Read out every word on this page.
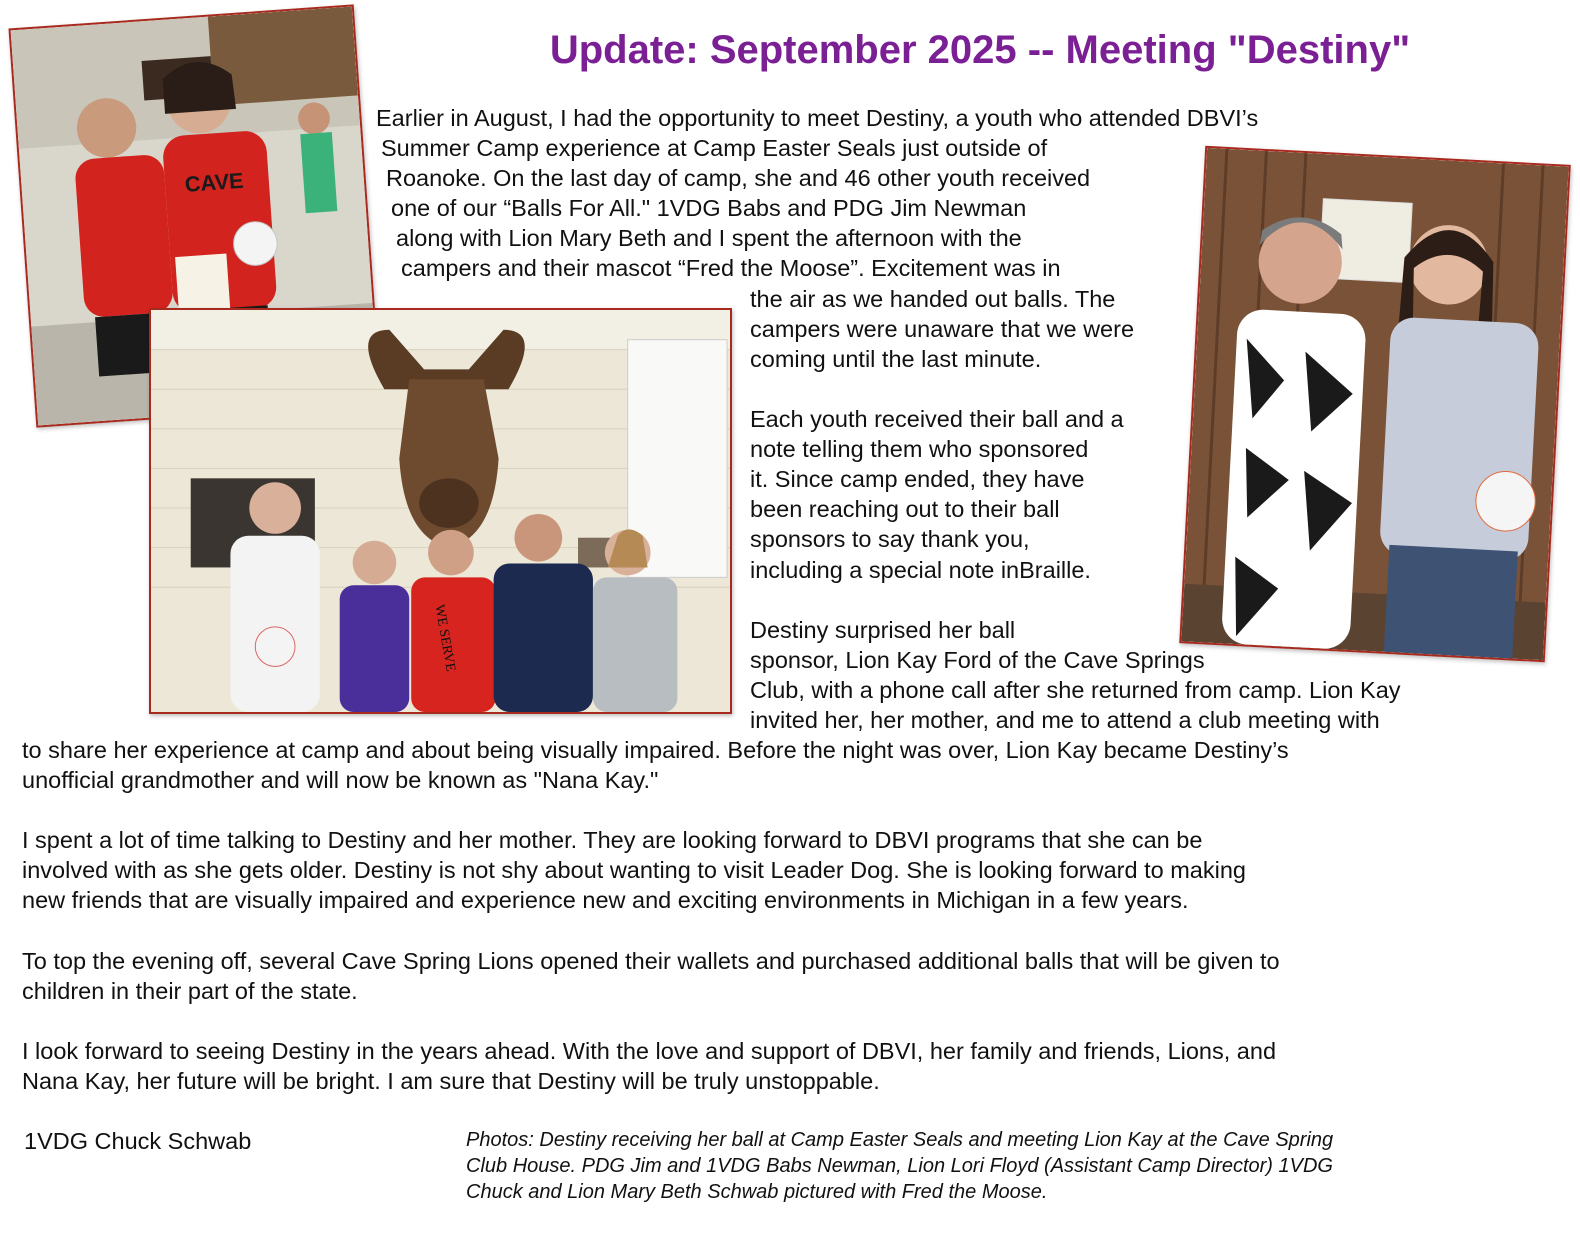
Update: September 2025 -- Meeting "Destiny"
CAVE
WE SERVE
Earlier in August, I had the opportunity to meet Destiny, a youth who attended DBVI’s
Summer Camp experience at Camp Easter Seals just outside of
Roanoke. On the last day of camp, she and 46 other youth received
one of our “Balls For All." 1VDG Babs and PDG Jim Newman
along with Lion Mary Beth and I spent the afternoon with the
campers and their mascot “Fred the Moose”. Excitement was in
the air as we handed out balls. The
campers were unaware that we were
coming until the last minute.
Each youth received their ball and a
note telling them who sponsored
it. Since camp ended, they have
been reaching out to their ball
sponsors to say thank you,
including a special note inBraille.
Destiny surprised her ball
sponsor, Lion Kay Ford of the Cave Springs
Club, with a phone call after she returned from camp. Lion Kay
invited her, her mother, and me to attend a club meeting with
to share her experience at camp and about being visually impaired. Before the night was over, Lion Kay became Destiny’s
unofficial grandmother and will now be known as "Nana Kay."
I spent a lot of time talking to Destiny and her mother. They are looking forward to DBVI programs that she can be
involved with as she gets older. Destiny is not shy about wanting to visit Leader Dog. She is looking forward to making
new friends that are visually impaired and experience new and exciting environments in Michigan in a few years.
To top the evening off, several Cave Spring Lions opened their wallets and purchased additional balls that will be given to
children in their part of the state.
I look forward to seeing Destiny in the years ahead. With the love and support of DBVI, her family and friends, Lions, and
Nana Kay, her future will be bright. I am sure that Destiny will be truly unstoppable.

1VDG Chuck Schwab	Photos: Destiny receiving her ball at Camp Easter Seals and meeting Lion Kay at the Cave Spring
Club House. PDG Jim and 1VDG Babs Newman, Lion Lori Floyd (Assistant Camp Director) 1VDG
Chuck and Lion Mary Beth Schwab pictured with Fred the Moose.
